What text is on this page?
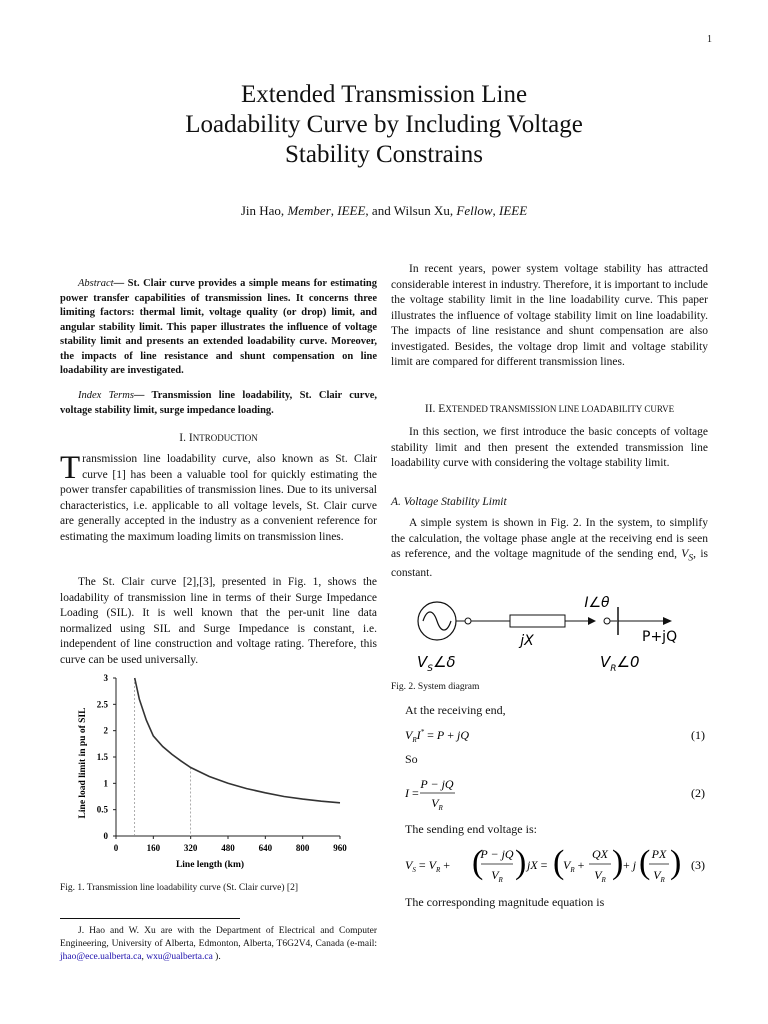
1
Extended Transmission Line
Loadability Curve by Including Voltage
Stability Constrains
Jin Hao, Member, IEEE, and Wilsun Xu, Fellow, IEEE
Abstract— St. Clair curve provides a simple means for estimating power transfer capabilities of transmission lines. It concerns three limiting factors: thermal limit, voltage quality (or drop) limit, and angular stability limit. This paper illustrates the influence of voltage stability limit and presents an extended loadability curve. Moreover, the impacts of line resistance and shunt compensation on line loadability are investigated.
Index Terms— Transmission line loadability, St. Clair curve, voltage stability limit, surge impedance loading.
I. INTRODUCTION
Transmission line loadability curve, also known as St. Clair curve [1] has been a valuable tool for quickly estimating the power transfer capabilities of transmission lines. Due to its universal characteristics, i.e. applicable to all voltage levels, St. Clair curve are generally accepted in the industry as a convenient reference for estimating the maximum loading limits on transmission lines.
The St. Clair curve [2],[3], presented in Fig. 1, shows the loadability of transmission line in terms of their Surge Impedance Loading (SIL). It is well known that the per-unit line data normalized using SIL and Surge Impedance is constant, i.e. independent of line construction and voltage rating. Therefore, this curve can be used universally.
0	160	320	480	640	800	960
0
0.5
1
1.5
2
2.5
3
Line length (km)
Line load limit in pu of SIL
Fig. 1. Transmission line loadability curve (St. Clair curve) [2]
J. Hao and W. Xu are with the Department of Electrical and Computer Engineering, University of Alberta, Edmonton, Alberta, T6G2V4, Canada (e-mail: jhao@ece.ualberta.ca, wxu@ualberta.ca ).
In recent years, power system voltage stability has attracted considerable interest in industry. Therefore, it is important to include the voltage stability limit in the line loadability curve. This paper illustrates the influence of voltage stability limit on line loadability. The impacts of line resistance and shunt compensation are also investigated. Besides, the voltage drop limit and voltage stability limit are compared for different transmission lines.
II. EXTENDED TRANSMISSION LINE LOADABILITY CURVE
In this section, we first introduce the basic concepts of voltage stability limit and then present the extended transmission line loadability curve with considering the voltage stability limit.
A. Voltage Stability Limit
A simple system is shown in Fig. 2. In the system, to simplify the calculation, the voltage phase angle at the receiving end is seen as reference, and the voltage magnitude of the sending end, $V_S$, is constant.
I∠θ
jX	P+jQ
$V_S\angle\delta$	$V_R\angle 0$
Fig. 2. System diagram
At the receiving end,
$V_RI^* = P$ + jQ	(1)
So
I =
P − jQ
$V_R$
(2)
The sending end voltage is:
$V_S = V_R$ + (
P − jQ
$V_R$ ) jX = (
$V_R$ +
QX
$V_R$ ) + j ( PX
$V_R$ ) (3)
The corresponding magnitude equation is
